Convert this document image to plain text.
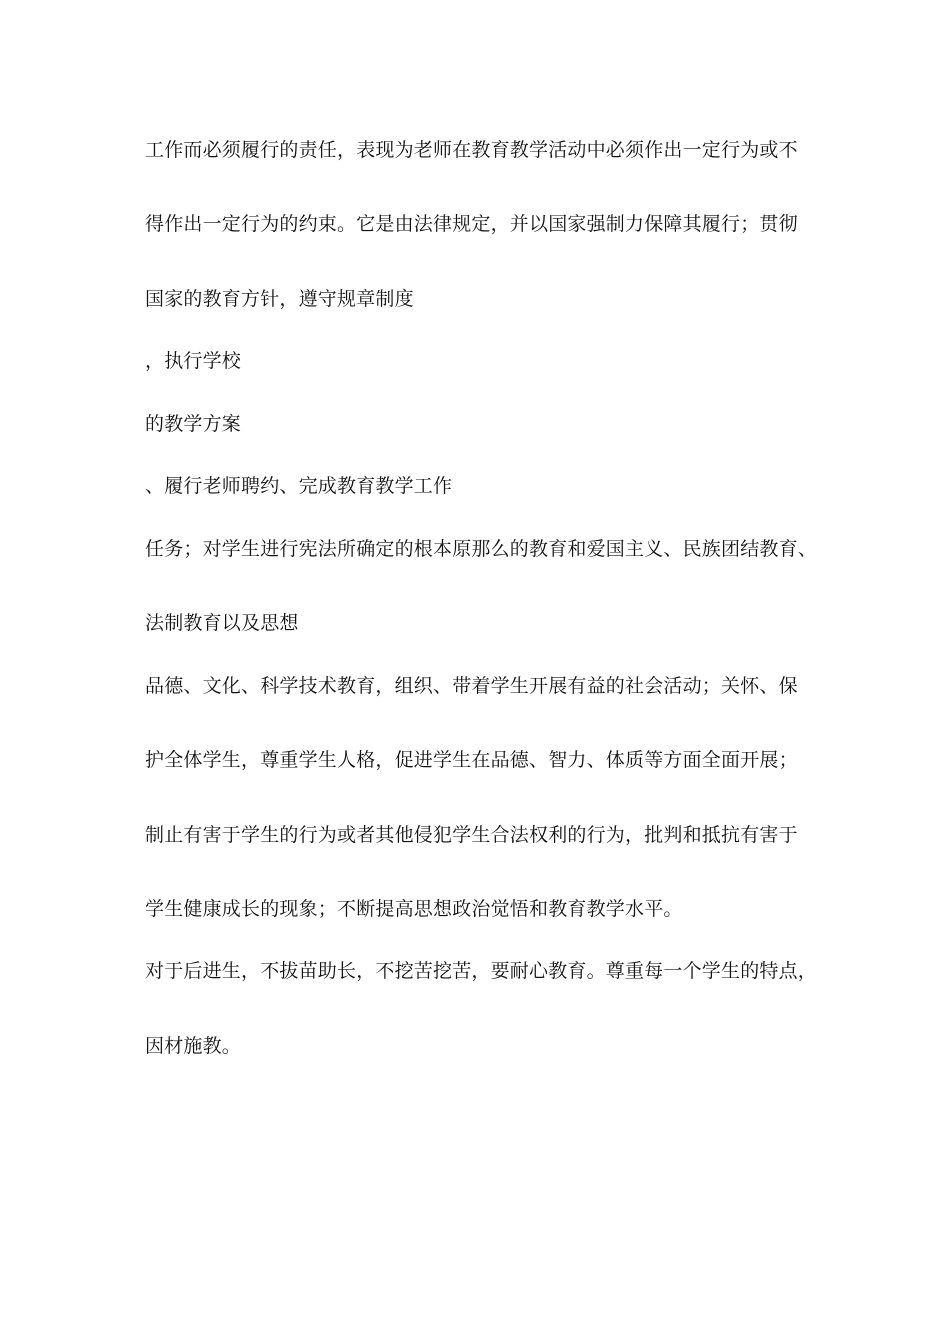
工作而必须履行的责任，表现为老师在教育教学活动中必须作出一定行为或不
得作出一定行为的约束。它是由法律规定，并以国家强制力保障其履行；贯彻
国家的教育方针，遵守规章制度
，执行学校
的教学方案
、履行老师聘约、完成教育教学工作
任务；对学生进行宪法所确定的根本原那么的教育和爱国主义、民族团结教育、
法制教育以及思想
品德、文化、科学技术教育，组织、带着学生开展有益的社会活动；关怀、保
护全体学生，尊重学生人格，促进学生在品德、智力、体质等方面全面开展；
制止有害于学生的行为或者其他侵犯学生合法权利的行为，批判和抵抗有害于
学生健康成长的现象；不断提高思想政治觉悟和教育教学水平。
对于后进生，不拔苗助长，不挖苦挖苦，要耐心教育。尊重每一个学生的特点，
因材施教。
